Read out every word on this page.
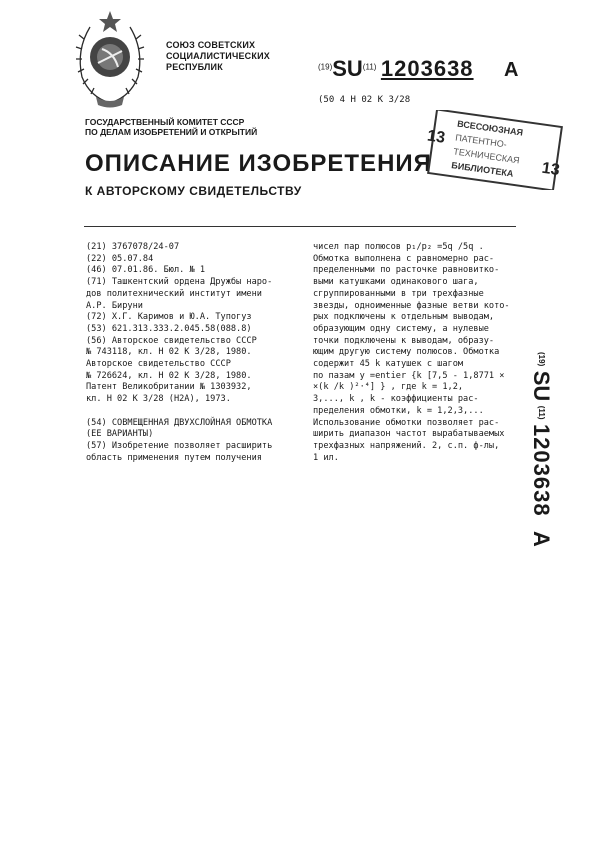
СОЮЗ СОВЕТСКИХ
СОЦИАЛИСТИЧЕСКИХ
РЕСПУБЛИК	$^{(19)}$SU$^{(11)}$ 1203638 A
(50 4 Н 02 К 3/28
ГОСУДАРСТВЕННЫЙ КОМИТЕТ СССР
ПО ДЕЛАМ ИЗОБРЕТЕНИЙ И ОТКРЫТИЙ
ОПИСАНИЕ ИЗОБРЕТЕНИЯ
К АВТОРСКОМУ СВИДЕТЕЛЬСТВУ
13
13
ВСЕСОЮЗНАЯ
ПАТЕНТНО-
ТЕХНИЧЕСКАЯ
БИБЛИОТЕКА
(21) 3767078/24-07
(22) 05.07.84
(46) 07.01.86. Бюл. № 1
(71) Ташкентский ордена Дружбы наро-
дов политехнический институт имени
А.Р. Бируни
(72) Х.Г. Каримов и Ю.А. Тупогуз
(53) 621.313.333.2.045.58(088.8)
(56) Авторское свидетельство СССР
№ 743118, кл. Н 02 К 3/28, 1980.
Авторское свидетельство СССР
№ 726624, кл. Н 02 К 3/28, 1980.
Патент Великобритании № 1303932,
кл. Н 02 К 3/28 (Н2А), 1973.

(54) СОВМЕЩЕННАЯ ДВУХСЛОЙНАЯ ОБМОТКА
(ЕЕ ВАРИАНТЫ)
(57) Изобретение позволяет расширить
область применения путем получения
чисел пар полюсов p₁/p₂ =5q /5q .
Обмотка выполнена с равномерно рас-
пределенными по расточке равновитко-
выми катушками одинакового шага,
сгруппированными в три трехфазные
звезды, одноименные фазные ветви кото-
рых подключены к отдельным выводам,
образующим одну систему, а нулевые
точки подключены к выводам, образу-
ющим другую систему полюсов. Обмотка
содержит 45 k катушек с шагом
по пазам y =entier {k [7,5 - 1,8771 ×
×(k /k )²·⁴] } , где k = 1,2,
3,..., k , k - коэффициенты рас-
пределения обмотки, k = 1,2,3,...
Использование обмотки позволяет рас-
ширить диапазон частот вырабатываемых
трехфазных напряжений. 2, с.п. ф-лы,
1 ил.
(19) SU (11) 1203638 A
